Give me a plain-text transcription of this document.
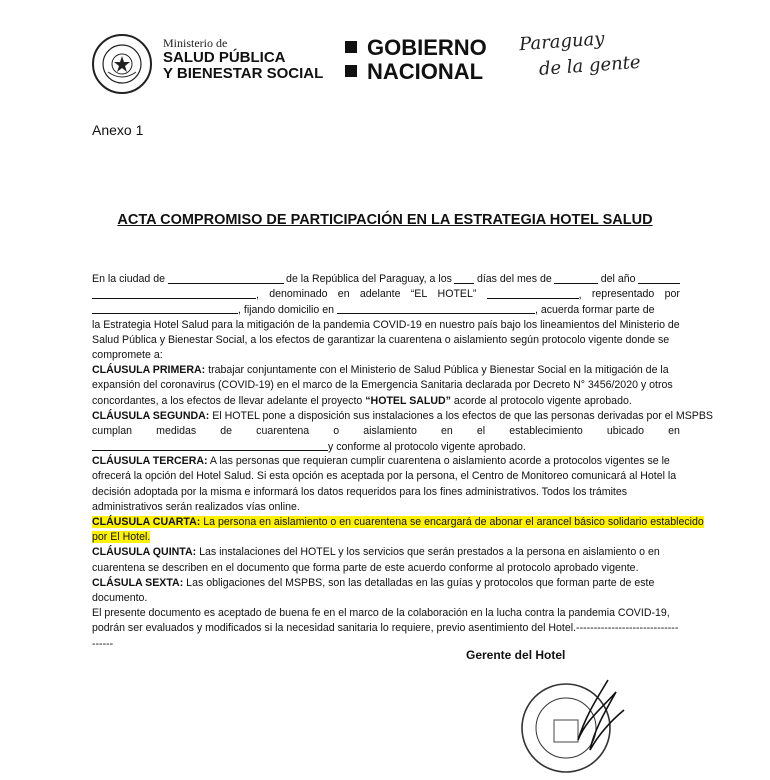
Ministerio de
SALUD PÚBLICA
Y BIENESTAR SOCIAL
GOBIERNO
NACIONAL
Paraguay
de la gente
Anexo 1
ACTA COMPROMISO DE PARTICIPACIÓN EN LA ESTRATEGIA HOTEL SALUD
En la ciudad de	de la República del Paraguay, a los días del mes de	del año
, denominado en adelante “EL HOTEL”	, representado por
, fijando domicilio en	, acuerda formar parte de
la Estrategia Hotel Salud para la mitigación de la pandemia COVID-19 en nuestro país bajo los lineamientos del Ministerio de
Salud Pública y Bienestar Social, a los efectos de garantizar la cuarentena o aislamiento según protocolo vigente donde se
compromete a:
CLÁUSULA PRIMERA: trabajar conjuntamente con el Ministerio de Salud Pública y Bienestar Social en la mitigación de la
expansión del coronavirus (COVID-19) en el marco de la Emergencia Sanitaria declarada por Decreto N° 3456/2020 y otros
concordantes, a los efectos de llevar adelante el proyecto “HOTEL SALUD” acorde al protocolo vigente aprobado.
CLÁUSULA SEGUNDA: El HOTEL pone a disposición sus instalaciones a los efectos de que las personas derivadas por el MSPBS
cumplan medidas de cuarentena o aislamiento en el establecimiento ubicado en
y conforme al protocolo vigente aprobado.
CLÁUSULA TERCERA: A las personas que requieran cumplir cuarentena o aislamiento acorde a protocolos vigentes se le
ofrecerá la opción del Hotel Salud. Si esta opción es aceptada por la persona, el Centro de Monitoreo comunicará al Hotel la
decisión adoptada por la misma e informará los datos requeridos para los fines administrativos. Todos los trámites
administrativos serán realizados vías online.
CLÁUSULA CUARTA: La persona en aislamiento o en cuarentena se encargará de abonar el arancel básico solidario establecido
por El Hotel.
CLÁUSULA QUINTA: Las instalaciones del HOTEL y los servicios que serán prestados a la persona en aislamiento o en
cuarentena se describen en el documento que forma parte de este acuerdo conforme al protocolo aprobado vigente.
CLÁSULA SEXTA: Las obligaciones del MSPBS, son las detalladas en las guías y protocolos que forman parte de este
documento.
El presente documento es aceptado de buena fe en el marco de la colaboración en la lucha contra la pandemia COVID-19,
podrán ser evaluados y modificados si la necesidad sanitaria lo requiere, previo asentimiento del Hotel.-----------------------------
------
Gerente del Hotel
